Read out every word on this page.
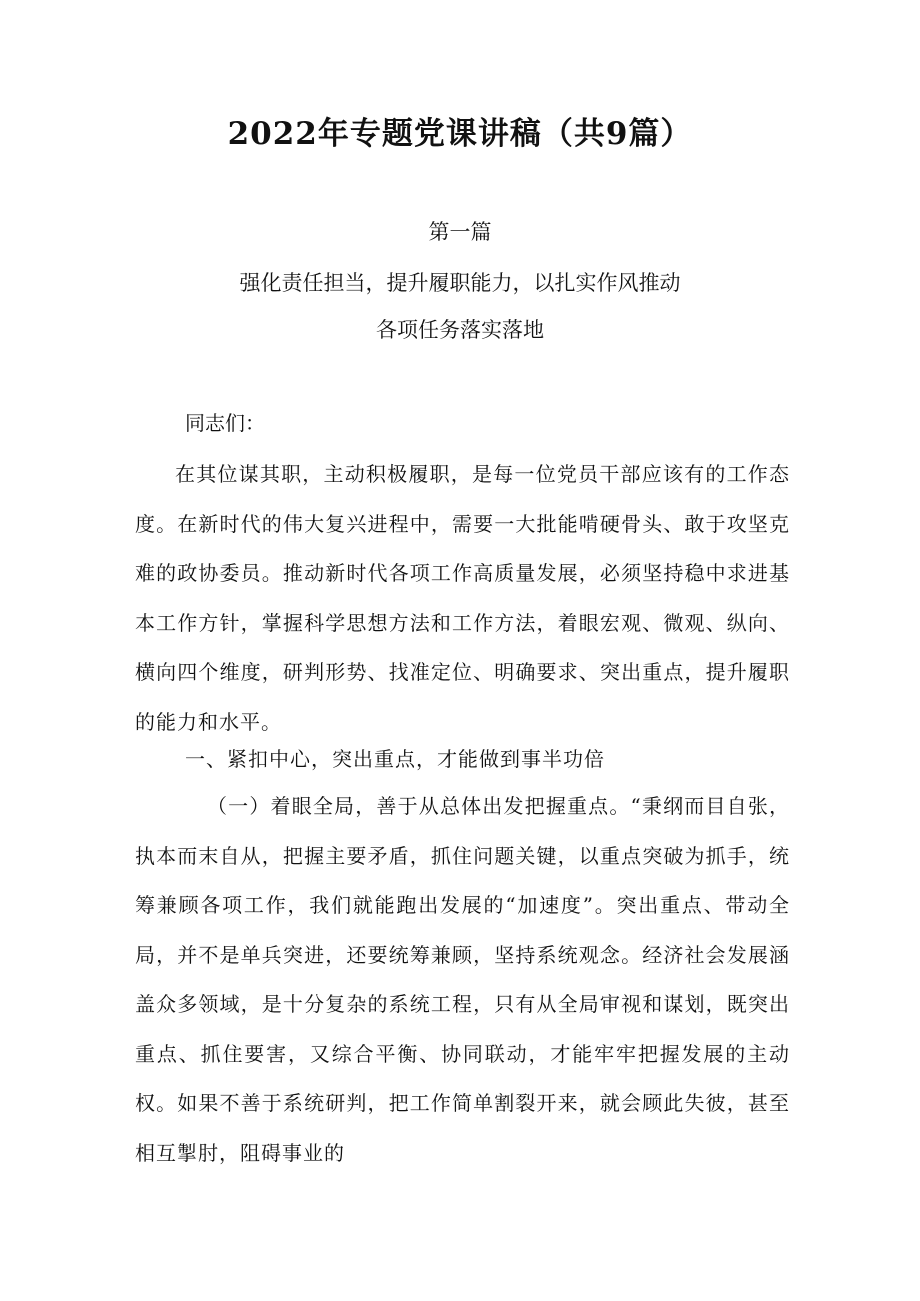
2022年专题党课讲稿（共9篇）

第一篇

强化责任担当，提升履职能力，以扎实作风推动

各项任务落实落地

同志们：

在其位谋其职，主动积极履职，是每一位党员干部应该有的工作态度。在新时代的伟大复兴进程中，需要一大批能啃硬骨头、敢于攻坚克难的政协委员。推动新时代各项工作高质量发展，必须坚持稳中求进基本工作方针，掌握科学思想方法和工作方法，着眼宏观、微观、纵向、横向四个维度，研判形势、找准定位、明确要求、突出重点，提升履职的能力和水平。

一、紧扣中心，突出重点，才能做到事半功倍

（一）着眼全局，善于从总体出发把握重点。“秉纲而目自张，执本而末自从，把握主要矛盾，抓住问题关键，以重点突破为抓手，统筹兼顾各项工作，我们就能跑出发展的“加速度”。突出重点、带动全局，并不是单兵突进，还要统筹兼顾，坚持系统观念。经济社会发展涵盖众多领域，是十分复杂的系统工程，只有从全局审视和谋划，既突出重点、抓住要害，又综合平衡、协同联动，才能牢牢把握发展的主动权。如果不善于系统研判，把工作简单割裂开来，就会顾此失彼，甚至相互掣肘，阻碍事业的
